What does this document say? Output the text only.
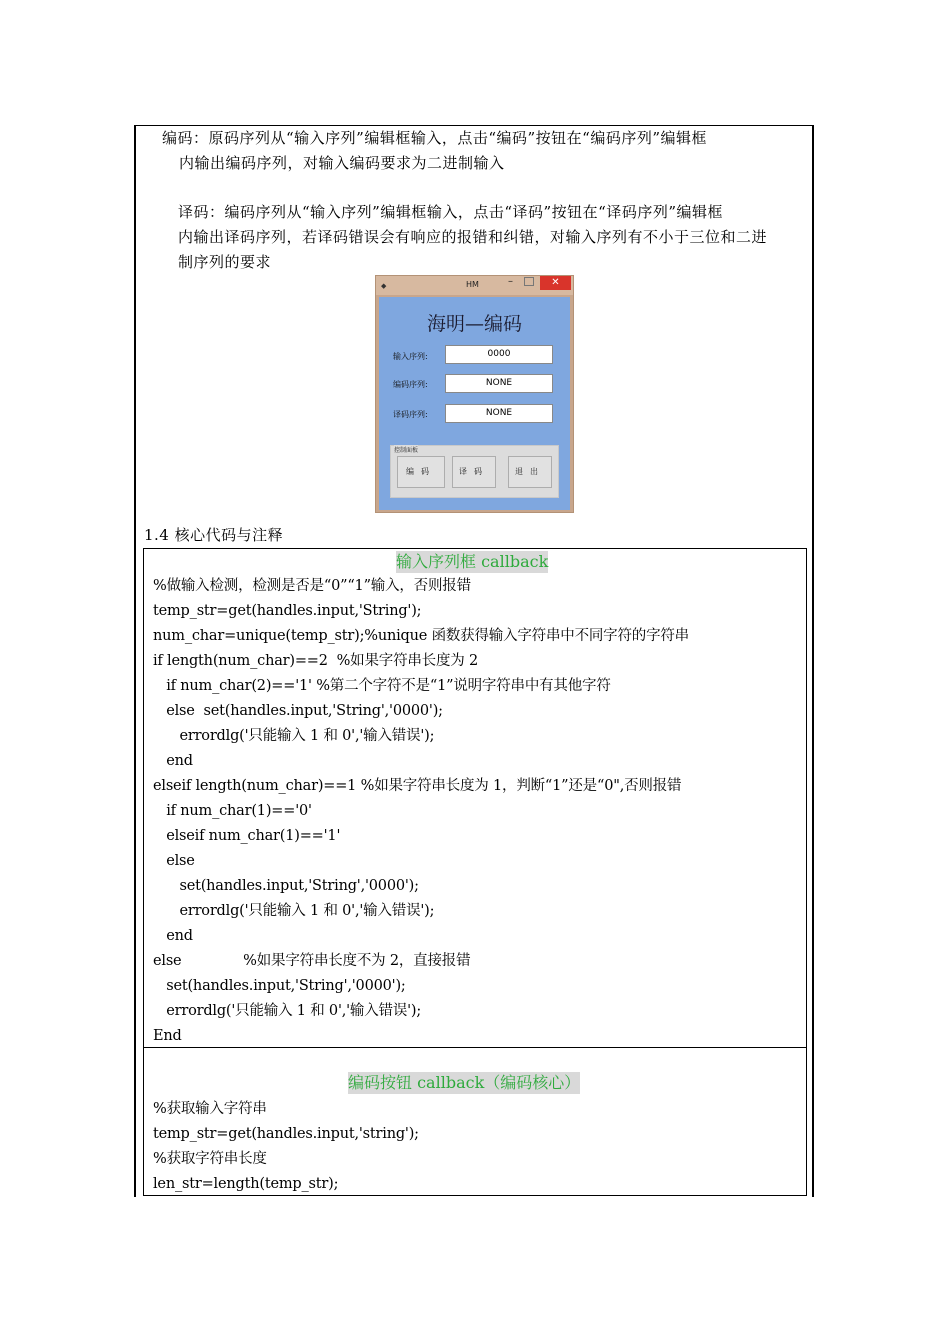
编码：原码序列从“输入序列”编辑框输入，点击“编码”按钮在“编码序列”编辑框
内输出编码序列，对输入编码要求为二进制输入
译码：编码序列从“输入序列”编辑框输入，点击“译码”按钮在“译码序列”编辑框
内输出译码序列，若译码错误会有响应的报错和纠错，对输入序列有不小于三位和二进
制序列的要求
◆	HM	–	✕
海明—编码
输入序列:	0000
编码序列:	NONE
译码序列:	NONE
控制面板
编码	译码	退出
1.4 核心代码与注释
输入序列框 callback
%做输入检测，检测是否是“0”“1”输入，否则报错
temp_str=get(handles.input,'String');
num_char=unique(temp_str);%unique 函数获得输入字符串中不同字符的字符串
if length(num_char)==2  %如果字符串长度为 2
if num_char(2)=='1' %第二个字符不是“1”说明字符串中有其他字符
else  set(handles.input,'String','0000');
errordlg('只能输入 1 和 0','输入错误');
end
elseif length(num_char)==1 %如果字符串长度为 1，判断“1”还是“0",否则报错
if num_char(1)=='0'
elseif num_char(1)=='1'
else
set(handles.input,'String','0000');
errordlg('只能输入 1 和 0','输入错误');
end
else              %如果字符串长度不为 2，直接报错
set(handles.input,'String','0000');
errordlg('只能输入 1 和 0','输入错误');
End
编码按钮 callback（编码核心）
%获取输入字符串
temp_str=get(handles.input,'string');
%获取字符串长度
len_str=length(temp_str);
